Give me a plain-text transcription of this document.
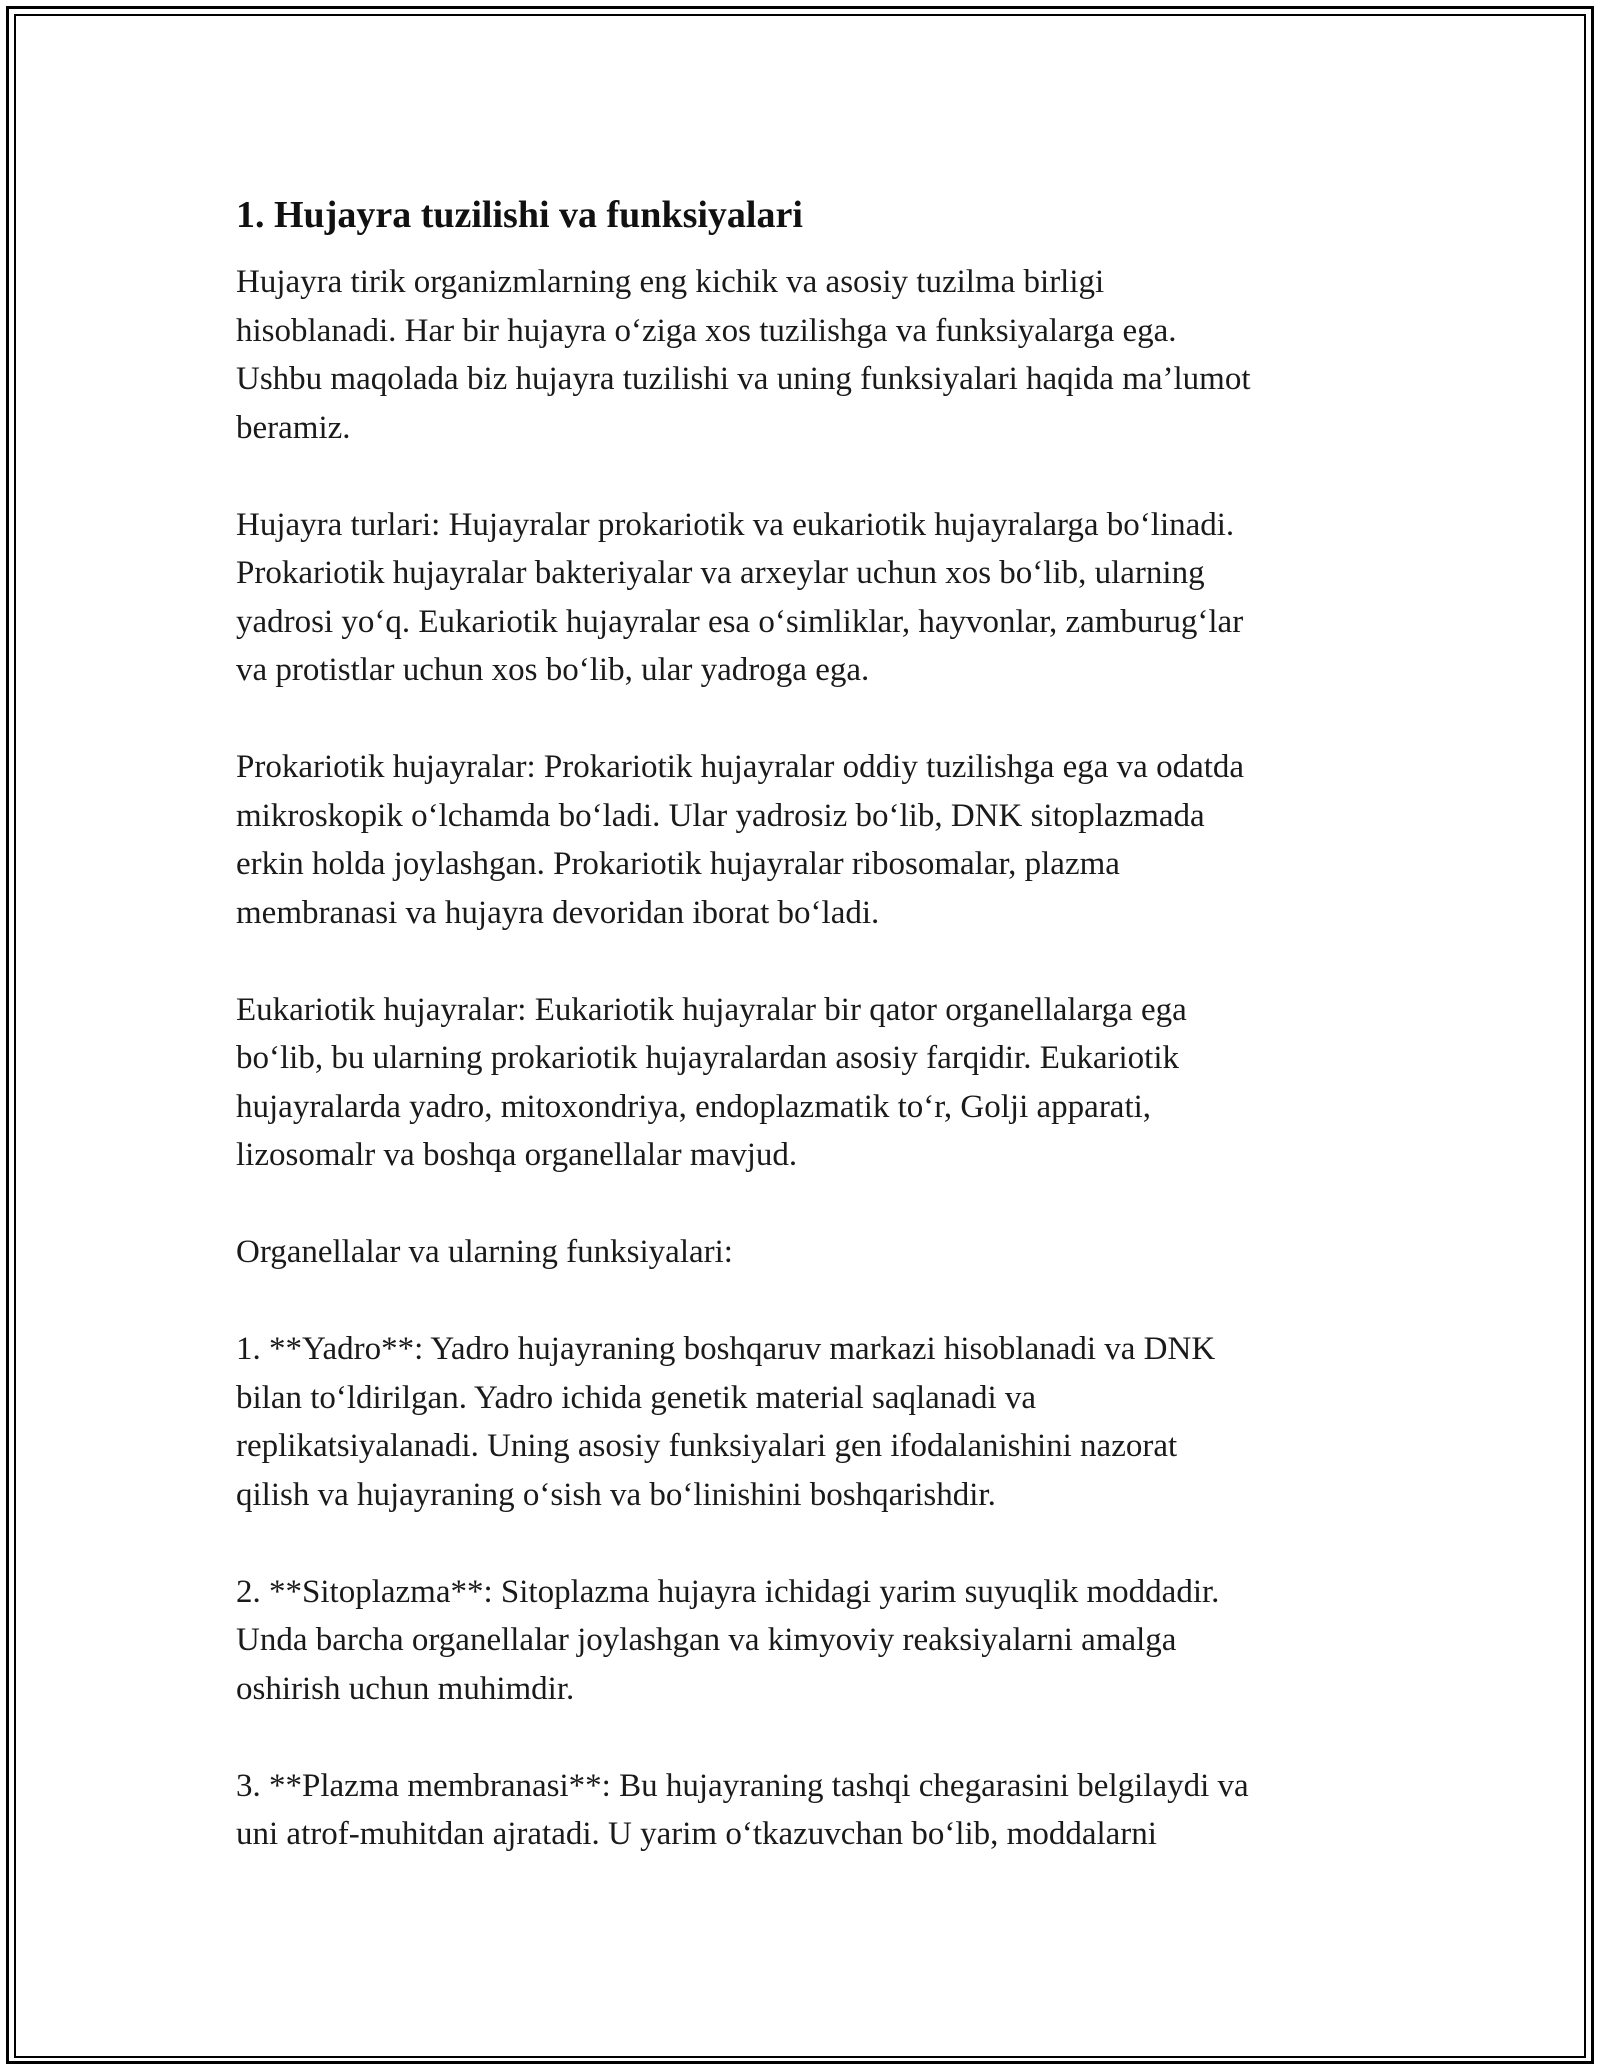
1. Hujayra tuzilishi va funksiyalari

Hujayra tirik organizmlarning eng kichik va asosiy tuzilma birligi
hisoblanadi. Har bir hujayra o‘ziga xos tuzilishga va funksiyalarga ega.
Ushbu maqolada biz hujayra tuzilishi va uning funksiyalari haqida ma’lumot
beramiz.

Hujayra turlari: Hujayralar prokariotik va eukariotik hujayralarga bo‘linadi.
Prokariotik hujayralar bakteriyalar va arxeylar uchun xos bo‘lib, ularning
yadrosi yo‘q. Eukariotik hujayralar esa o‘simliklar, hayvonlar, zamburug‘lar
va protistlar uchun xos bo‘lib, ular yadroga ega.

Prokariotik hujayralar: Prokariotik hujayralar oddiy tuzilishga ega va odatda
mikroskopik o‘lchamda bo‘ladi. Ular yadrosiz bo‘lib, DNK sitoplazmada
erkin holda joylashgan. Prokariotik hujayralar ribosomalar, plazma
membranasi va hujayra devoridan iborat bo‘ladi.

Eukariotik hujayralar: Eukariotik hujayralar bir qator organellalarga ega
bo‘lib, bu ularning prokariotik hujayralardan asosiy farqidir. Eukariotik
hujayralarda yadro, mitoxondriya, endoplazmatik to‘r, Golji apparati,
lizosomalr va boshqa organellalar mavjud.

Organellalar va ularning funksiyalari:

1. **Yadro**: Yadro hujayraning boshqaruv markazi hisoblanadi va DNK
bilan to‘ldirilgan. Yadro ichida genetik material saqlanadi va
replikatsiyalanadi. Uning asosiy funksiyalari gen ifodalanishini nazorat
qilish va hujayraning o‘sish va bo‘linishini boshqarishdir.

2. **Sitoplazma**: Sitoplazma hujayra ichidagi yarim suyuqlik moddadir.
Unda barcha organellalar joylashgan va kimyoviy reaksiyalarni amalga
oshirish uchun muhimdir.

3. **Plazma membranasi**: Bu hujayraning tashqi chegarasini belgilaydi va
uni atrof-muhitdan ajratadi. U yarim o‘tkazuvchan bo‘lib, moddalarni
